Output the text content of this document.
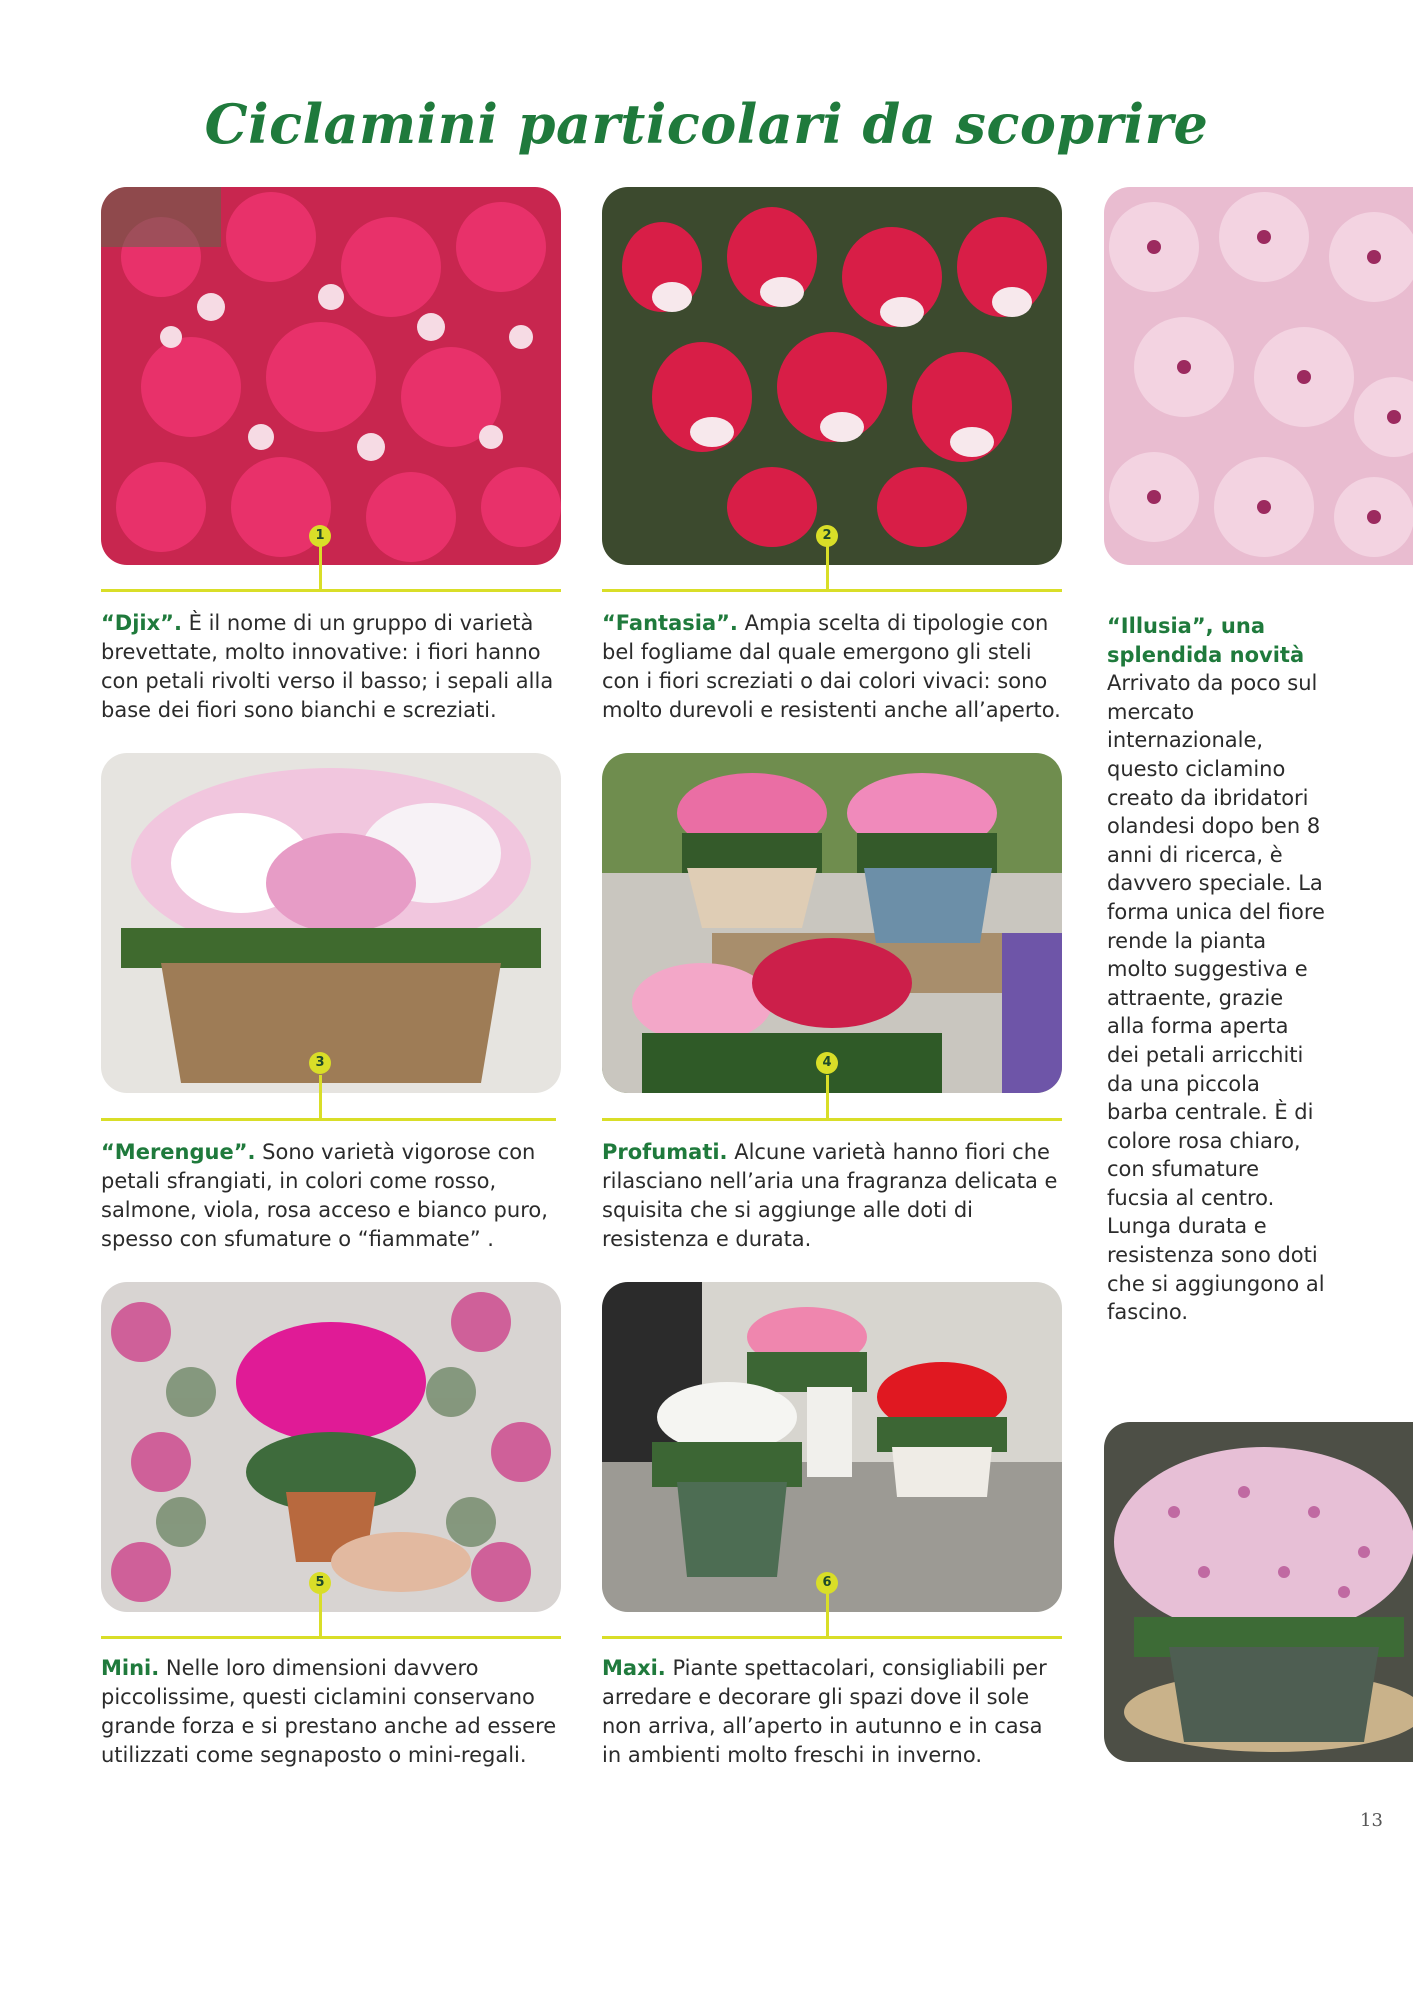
Ciclamini particolari da scoprire
1

“Djix”. È il nome di un gruppo di varietà brevettate, molto innovative: i fiori hanno con petali rivolti verso il basso; i sepali alla base dei fiori sono bianchi e screziati.

2

“Fantasia”. Ampia scelta di tipologie con bel fogliame dal quale emergono gli steli con i fiori screziati o dai colori vivaci: sono molto durevoli e resistenti anche all’aperto.

3

“Merengue”. Sono varietà vigorose con petali sfrangiati, in colori come rosso, salmone, viola, rosa acceso e bianco puro, spesso con sfumature o “fiammate” .

4

Profumati. Alcune varietà hanno fiori che rilasciano nell’aria una fragranza delicata e squisita che si aggiunge alle doti di resistenza e durata.

5

Mini. Nelle loro dimensioni davvero piccolissime, questi ciclamini conservano grande forza e si prestano anche ad essere utilizzati come segnaposto o mini-regali.

6

Maxi. Piante spettacolari, consigliabili per arredare e decorare gli spazi dove il sole non arriva, all’aperto in autunno e in casa in ambienti molto freschi in inverno.

“Illusia”, una splendida novità
Arrivato da poco sul mercato internazionale, questo ciclamino creato da ibridatori olandesi dopo ben 8 anni di ricerca, è davvero speciale. La forma unica del fiore rende la pianta molto suggestiva e attraente, grazie alla forma aperta dei petali arricchiti da una piccola barba centrale. È di colore rosa chiaro, con sfumature fucsia al centro. Lunga durata e resistenza sono doti che si aggiungono al fascino.

13
